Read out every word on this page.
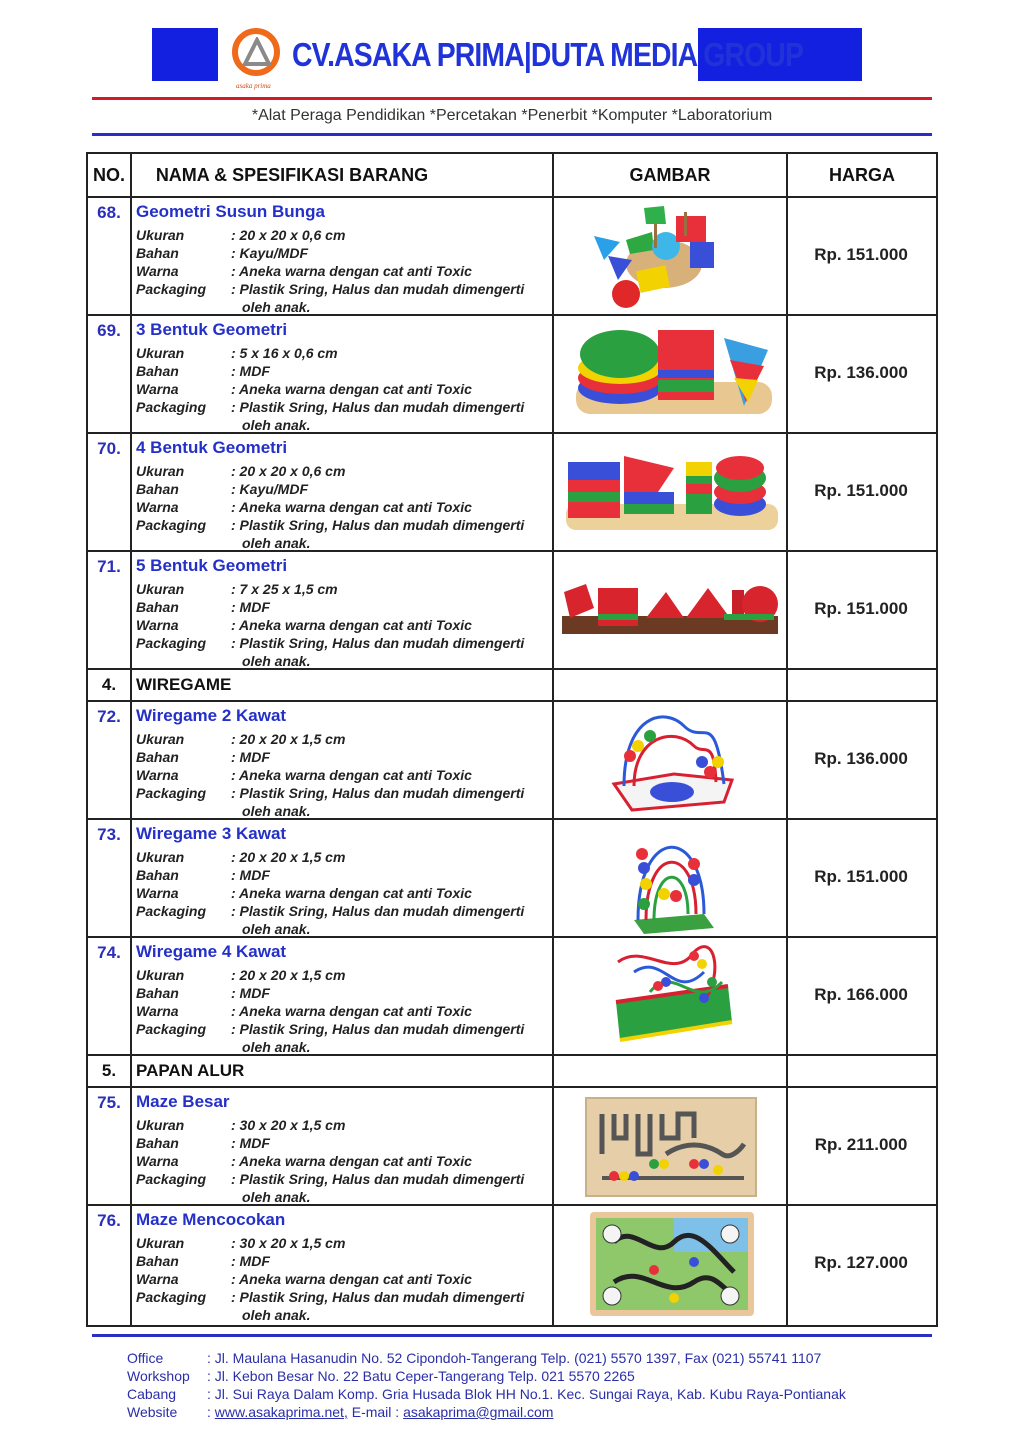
asaka prima
CV.ASAKA PRIMA|DUTA MEDIA GROUP
*Alat Peraga Pendidikan *Percetakan *Penerbit *Komputer *Laboratorium
NO.	NAMA & SPESIFIKASI BARANG	GAMBAR	HARGA
68. Geometri Susun Bunga
Ukuran	: 20 x 20 x 0,6 cm
Bahan	: Kayu/MDF
Warna	: Aneka warna dengan cat anti Toxic
Packaging	: Plastik Sring, Halus dan mudah dimengerti
oleh anak.
Rp. 151.000
69. 3 Bentuk Geometri
Ukuran	: 5 x 16 x 0,6 cm
Bahan	: MDF
Warna	: Aneka warna dengan cat anti Toxic
Packaging	: Plastik Sring, Halus dan mudah dimengerti
oleh anak.
Rp. 136.000
70. 4 Bentuk Geometri
Ukuran	: 20 x 20 x 0,6 cm
Bahan	: Kayu/MDF
Warna	: Aneka warna dengan cat anti Toxic
Packaging	: Plastik Sring, Halus dan mudah dimengerti
oleh anak.
Rp. 151.000
71. 5 Bentuk Geometri
Ukuran	: 7 x 25 x 1,5 cm
Bahan	: MDF
Warna	: Aneka warna dengan cat anti Toxic
Packaging	: Plastik Sring, Halus dan mudah dimengerti
oleh anak.
Rp. 151.000
4.	WIREGAME
72. Wiregame 2 Kawat
Ukuran	: 20 x 20 x 1,5 cm
Bahan	: MDF
Warna	: Aneka warna dengan cat anti Toxic
Packaging	: Plastik Sring, Halus dan mudah dimengerti
oleh anak.
Rp. 136.000
73. Wiregame 3 Kawat
Ukuran	: 20 x 20 x 1,5 cm
Bahan	: MDF
Warna	: Aneka warna dengan cat anti Toxic
Packaging	: Plastik Sring, Halus dan mudah dimengerti
oleh anak.
Rp. 151.000
74. Wiregame 4 Kawat
Ukuran	: 20 x 20 x 1,5 cm
Bahan	: MDF
Warna	: Aneka warna dengan cat anti Toxic
Packaging	: Plastik Sring, Halus dan mudah dimengerti
oleh anak.
Rp. 166.000
5.	PAPAN ALUR
75. Maze Besar
Ukuran	: 30 x 20 x 1,5 cm
Bahan	: MDF
Warna	: Aneka warna dengan cat anti Toxic
Packaging	: Plastik Sring, Halus dan mudah dimengerti
oleh anak.
Rp. 211.000
76. Maze Mencocokan
Ukuran	: 30 x 20 x 1,5 cm
Bahan	: MDF
Warna	: Aneka warna dengan cat anti Toxic
Packaging	: Plastik Sring, Halus dan mudah dimengerti
oleh anak.
Rp. 127.000
Office	: Jl. Maulana Hasanudin No. 52 Cipondoh-Tangerang Telp. (021) 5570 1397, Fax (021) 55741 1107
Workshop	: Jl. Kebon Besar No. 22 Batu Ceper-Tangerang Telp. 021 5570 2265
Cabang	: Jl. Sui Raya Dalam Komp. Gria Husada Blok HH No.1. Kec. Sungai Raya, Kab. Kubu Raya-Pontianak
Website	: www.asakaprima.net, E-mail : asakaprima@gmail.com
